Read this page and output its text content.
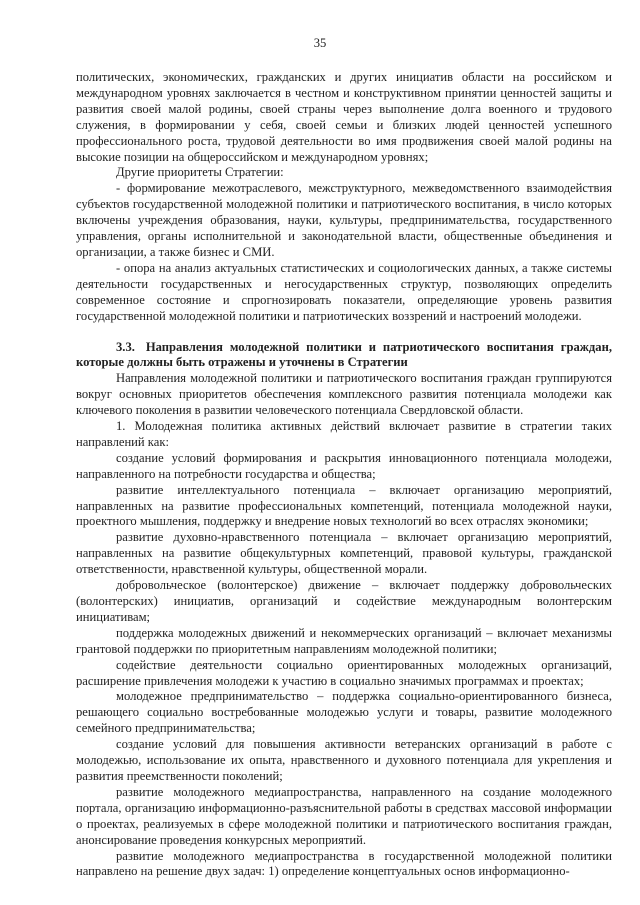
35

политических, экономических, гражданских и других инициатив области на российском и международном уровнях заключается в честном и конструктивном принятии ценностей защиты и развития своей малой родины, своей страны через выполнение долга военного и трудового служения, в формировании у себя, своей семьи и близких людей ценностей успешного профессионального роста, трудовой деятельности во имя продвижения своей малой родины на высокие позиции на общероссийском и международном уровнях;

Другие приоритеты Стратегии:

- формирование межотраслевого, межструктурного, межведомственного взаимодействия субъектов государственной молодежной политики и патриотического воспитания, в число которых включены учреждения образования, науки, культуры, предпринимательства, государственного управления, органы исполнительной и законодательной власти, общественные объединения и организации, а также бизнес и СМИ.

- опора на анализ актуальных статистических и социологических данных, а также системы деятельности государственных и негосударственных структур, позволяющих определить современное состояние и спрогнозировать показатели, определяющие уровень развития государственной молодежной политики и патриотических воззрений и настроений молодежи.

3.3. Направления молодежной политики и патриотического воспитания граждан, которые должны быть отражены и уточнены в Стратегии

Направления молодежной политики и патриотического воспитания граждан группируются вокруг основных приоритетов обеспечения комплексного развития потенциала молодежи как ключевого поколения в развитии человеческого потенциала Свердловской области.

1. Молодежная политика активных действий включает развитие в стратегии таких направлений как:

создание условий формирования и раскрытия инновационного потенциала молодежи, направленного на потребности государства и общества;

развитие интеллектуального потенциала – включает организацию мероприятий, направленных на развитие профессиональных компетенций, потенциала молодежной науки, проектного мышления, поддержку и внедрение новых технологий во всех отраслях экономики;

развитие духовно-нравственного потенциала – включает организацию мероприятий, направленных на развитие общекультурных компетенций, правовой культуры, гражданской ответственности, нравственной культуры, общественной морали.

добровольческое (волонтерское) движение – включает поддержку добровольческих (волонтерских) инициатив, организаций и содействие международным волонтерским инициативам;

поддержка молодежных движений и некоммерческих организаций – включает механизмы грантовой поддержки по приоритетным направлениям молодежной политики;

содействие деятельности социально ориентированных молодежных организаций, расширение привлечения молодежи к участию в социально значимых программах и проектах;

молодежное предпринимательство – поддержка социально-ориентированного бизнеса, решающего социально востребованные молодежью услуги и товары, развитие молодежного семейного предпринимательства;

создание условий для повышения активности ветеранских организаций в работе с молодежью, использование их опыта, нравственного и духовного потенциала для укрепления и развития преемственности поколений;

развитие молодежного медиапространства, направленного на создание молодежного портала, организацию информационно-разъяснительной работы в средствах массовой информации о проектах, реализуемых в сфере молодежной политики и патриотического воспитания граждан, анонсирование проведения конкурсных мероприятий.

развитие молодежного медиапространства в государственной молодежной политики направлено на решение двух задач: 1) определение концептуальных основ информационно-
